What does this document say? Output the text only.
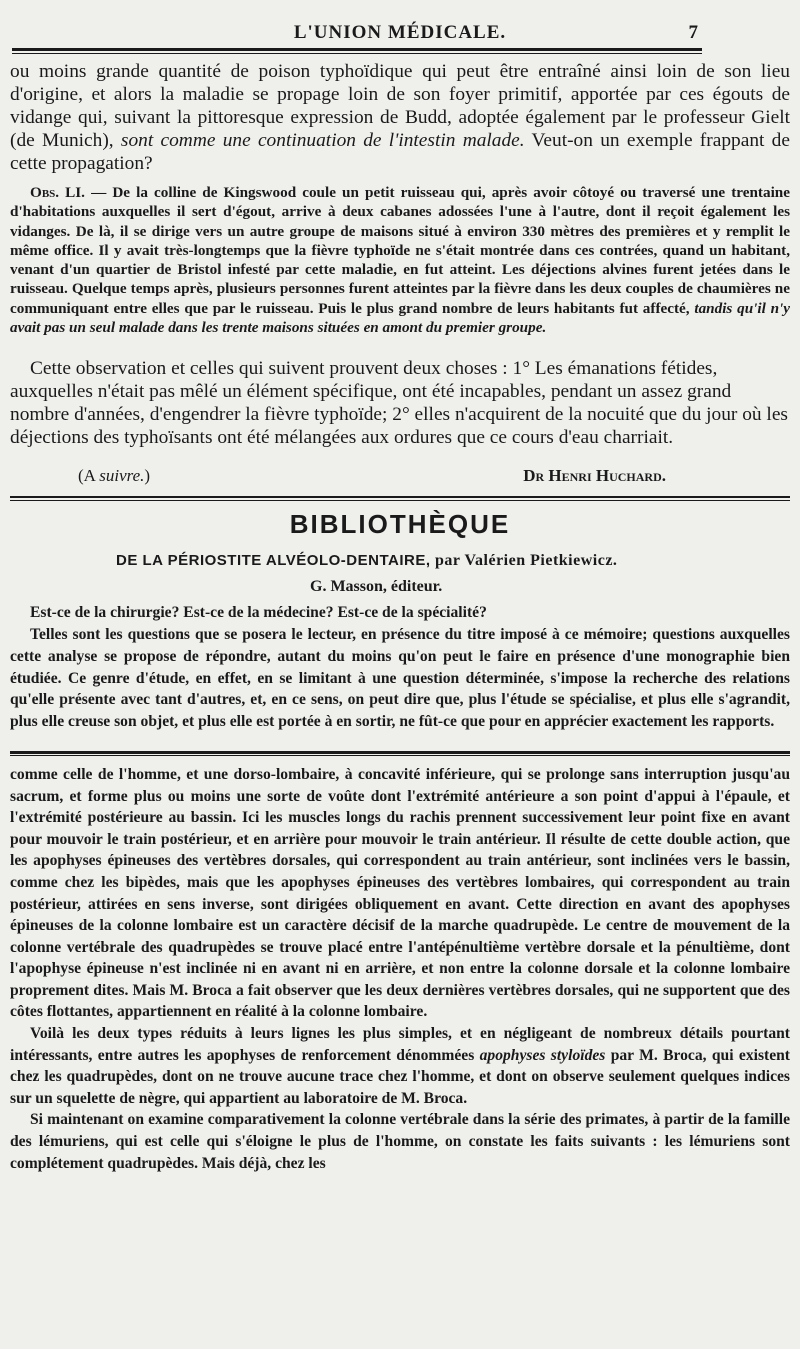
L'UNION MÉDICALE.	7

ou moins grande quantité de poison typhoïdique qui peut être entraîné ainsi loin de son lieu d'origine, et alors la maladie se propage loin de son foyer primitif, apportée par ces égouts de vidange qui, suivant la pittoresque expression de Budd, adoptée également par le professeur Gielt (de Munich), sont comme une continuation de l'intestin malade. Veut-on un exemple frappant de cette propagation?

Obs. LI. — De la colline de Kingswood coule un petit ruisseau qui, après avoir côtoyé ou traversé une trentaine d'habitations auxquelles il sert d'égout, arrive à deux cabanes adossées l'une à l'autre, dont il reçoit également les vidanges. De là, il se dirige vers un autre groupe de maisons situé à environ 330 mètres des premières et y remplit le même office. Il y avait très-longtemps que la fièvre typhoïde ne s'était montrée dans ces contrées, quand un habitant, venant d'un quartier de Bristol infesté par cette maladie, en fut atteint. Les déjections alvines furent jetées dans le ruisseau. Quelque temps après, plusieurs personnes furent atteintes par la fièvre dans les deux couples de chaumières ne communiquant entre elles que par le ruisseau. Puis le plus grand nombre de leurs habitants fut affecté, tandis qu'il n'y avait pas un seul malade dans les trente maisons situées en amont du premier groupe.

Cette observation et celles qui suivent prouvent deux choses : 1° Les émanations fétides, auxquelles n'était pas mêlé un élément spécifique, ont été incapables, pendant un assez grand nombre d'années, d'engendrer la fièvre typhoïde; 2° elles n'acquirent de la nocuité que du jour où les déjections des typhoïsants ont été mélangées aux ordures que ce cours d'eau charriait.

(A suivre.)	Dr Henri Huchard.
BIBLIOTHÈQUE
DE LA PÉRIOSTITE ALVÉOLO-DENTAIRE, par Valérien Pietkiewicz.
G. Masson, éditeur.

Est-ce de la chirurgie? Est-ce de la médecine? Est-ce de la spécialité?

Telles sont les questions que se posera le lecteur, en présence du titre imposé à ce mémoire; questions auxquelles cette analyse se propose de répondre, autant du moins qu'on peut le faire en présence d'une monographie bien étudiée. Ce genre d'étude, en effet, en se limitant à une question déterminée, s'impose la recherche des relations qu'elle présente avec tant d'autres, et, en ce sens, on peut dire que, plus l'étude se spécialise, et plus elle s'agrandit, plus elle creuse son objet, et plus elle est portée à en sortir, ne fût-ce que pour en apprécier exactement les rapports.

comme celle de l'homme, et une dorso-lombaire, à concavité inférieure, qui se prolonge sans interruption jusqu'au sacrum, et forme plus ou moins une sorte de voûte dont l'extrémité antérieure a son point d'appui à l'épaule, et l'extrémité postérieure au bassin. Ici les muscles longs du rachis prennent successivement leur point fixe en avant pour mouvoir le train postérieur, et en arrière pour mouvoir le train antérieur. Il résulte de cette double action, que les apophyses épineuses des vertèbres dorsales, qui correspondent au train antérieur, sont inclinées vers le bassin, comme chez les bipèdes, mais que les apophyses épineuses des vertèbres lombaires, qui correspondent au train postérieur, attirées en sens inverse, sont dirigées obliquement en avant. Cette direction en avant des apophyses épineuses de la colonne lombaire est un caractère décisif de la marche quadrupède. Le centre de mouvement de la colonne vertébrale des quadrupèdes se trouve placé entre l'antépénultième vertèbre dorsale et la pénultième, dont l'apophyse épineuse n'est inclinée ni en avant ni en arrière, et non entre la colonne dorsale et la colonne lombaire proprement dites. Mais M. Broca a fait observer que les deux dernières vertèbres dorsales, qui ne supportent que des côtes flottantes, appartiennent en réalité à la colonne lombaire.

Voilà les deux types réduits à leurs lignes les plus simples, et en négligeant de nombreux détails pourtant intéressants, entre autres les apophyses de renforcement dénommées apophyses styloïdes par M. Broca, qui existent chez les quadrupèdes, dont on ne trouve aucune trace chez l'homme, et dont on observe seulement quelques indices sur un squelette de nègre, qui appartient au laboratoire de M. Broca.

Si maintenant on examine comparativement la colonne vertébrale dans la série des primates, à partir de la famille des lémuriens, qui est celle qui s'éloigne le plus de l'homme, on constate les faits suivants : les lémuriens sont complétement quadrupèdes. Mais déjà, chez les
